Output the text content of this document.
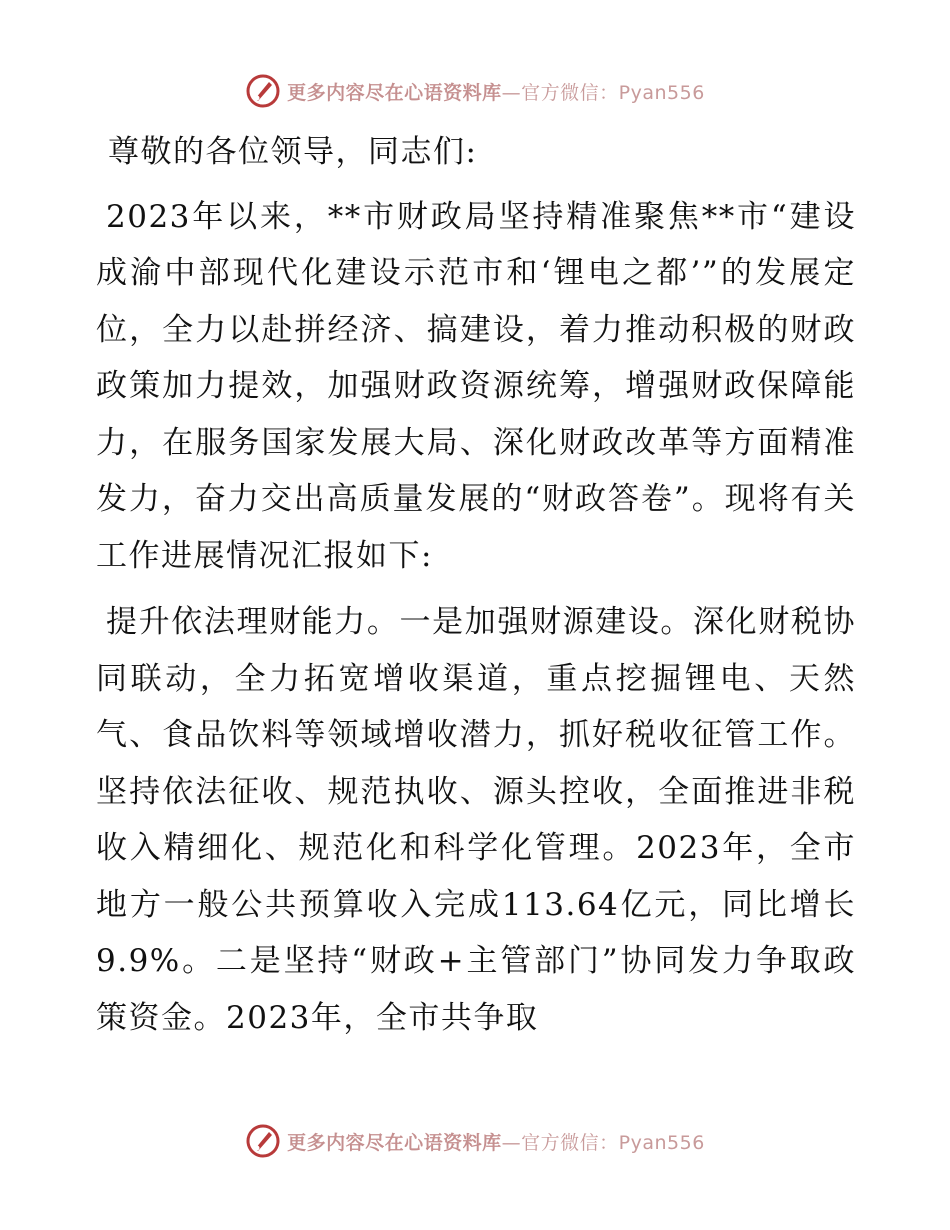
更多内容尽在心语资料库—官方微信：Pyan556

尊敬的各位领导，同志们:

2023年以来，**市财政局坚持精准聚焦**市“建设成渝中部现代化建设示范市和‘锂电之都’”的发展定位，全力以赴拼经济、搞建设，着力推动积极的财政政策加力提效，加强财政资源统筹，增强财政保障能力，在服务国家发展大局、深化财政改革等方面精准发力，奋力交出高质量发展的“财政答卷”。现将有关工作进展情况汇报如下:

提升依法理财能力。一是加强财源建设。深化财税协同联动，全力拓宽增收渠道，重点挖掘锂电、天然气、食品饮料等领域增收潜力，抓好税收征管工作。坚持依法征收、规范执收、源头控收，全面推进非税收入精细化、规范化和科学化管理。2023年，全市地方一般公共预算收入完成113.64亿元，同比增长9.9%。二是坚持“财政+主管部门”协同发力争取政策资金。2023年，全市共争取

更多内容尽在心语资料库—官方微信：Pyan556
